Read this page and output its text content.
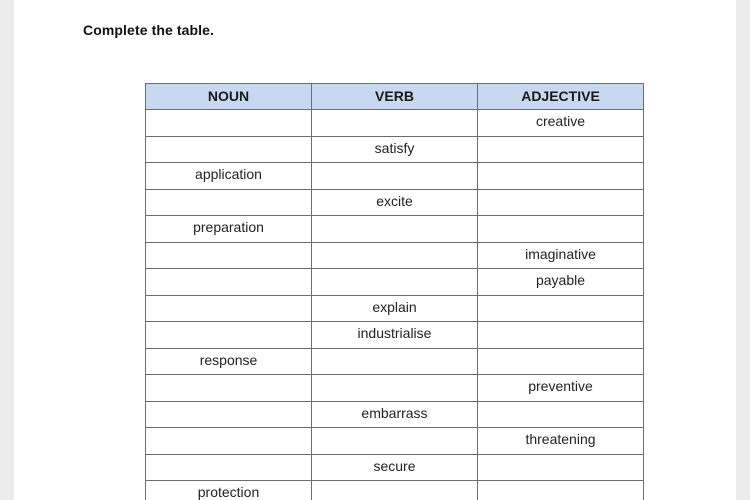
Complete the table.
NOUN	VERB	ADJECTIVE
		creative
	satisfy	
application		
	excite	
preparation		
		imaginative
		payable
	explain	
	industrialise	
response		
		preventive
	embarrass	
		threatening
	secure	
protection		
